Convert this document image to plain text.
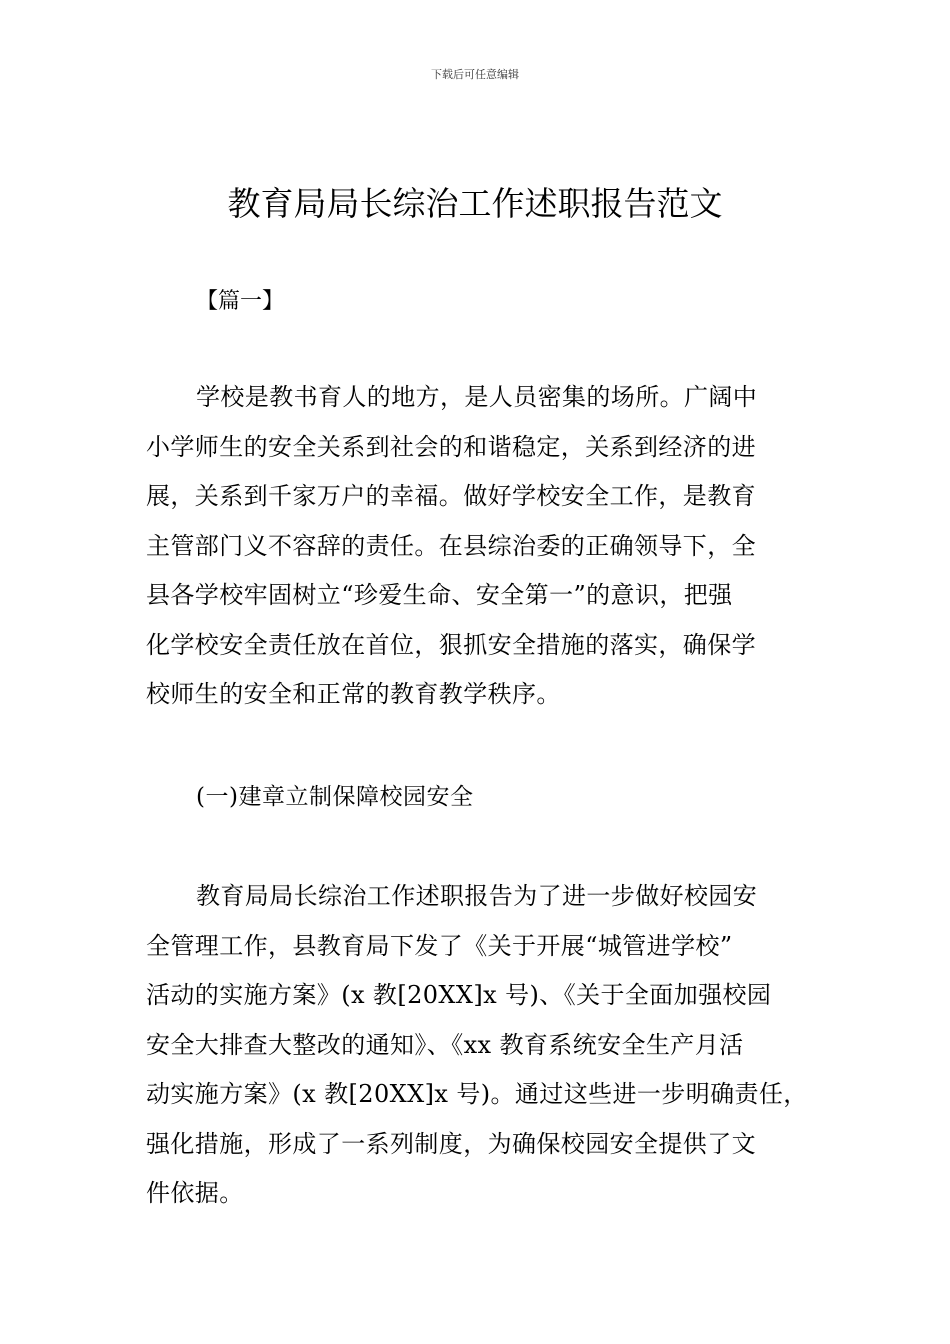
下载后可任意编辑
教育局局长综治工作述职报告范文
【篇一】
学校是教书育人的地方，是人员密集的场所。广阔中
小学师生的安全关系到社会的和谐稳定，关系到经济的进
展，关系到千家万户的幸福。做好学校安全工作，是教育
主管部门义不容辞的责任。在县综治委的正确领导下，全
县各学校牢固树立“珍爱生命、安全第一”的意识，把强
化学校安全责任放在首位，狠抓安全措施的落实，确保学
校师生的安全和正常的教育教学秩序。
(一)建章立制保障校园安全
教育局局长综治工作述职报告为了进一步做好校园安
全管理工作，县教育局下发了《关于开展“城管进学校”
活动的实施方案》(x 教[20XX]x 号)、《关于全面加强校园
安全大排查大整改的通知》、《xx 教育系统安全生产月活
动实施方案》(x 教[20XX]x 号)。通过这些进一步明确责任，
强化措施，形成了一系列制度，为确保校园安全提供了文
件依据。
